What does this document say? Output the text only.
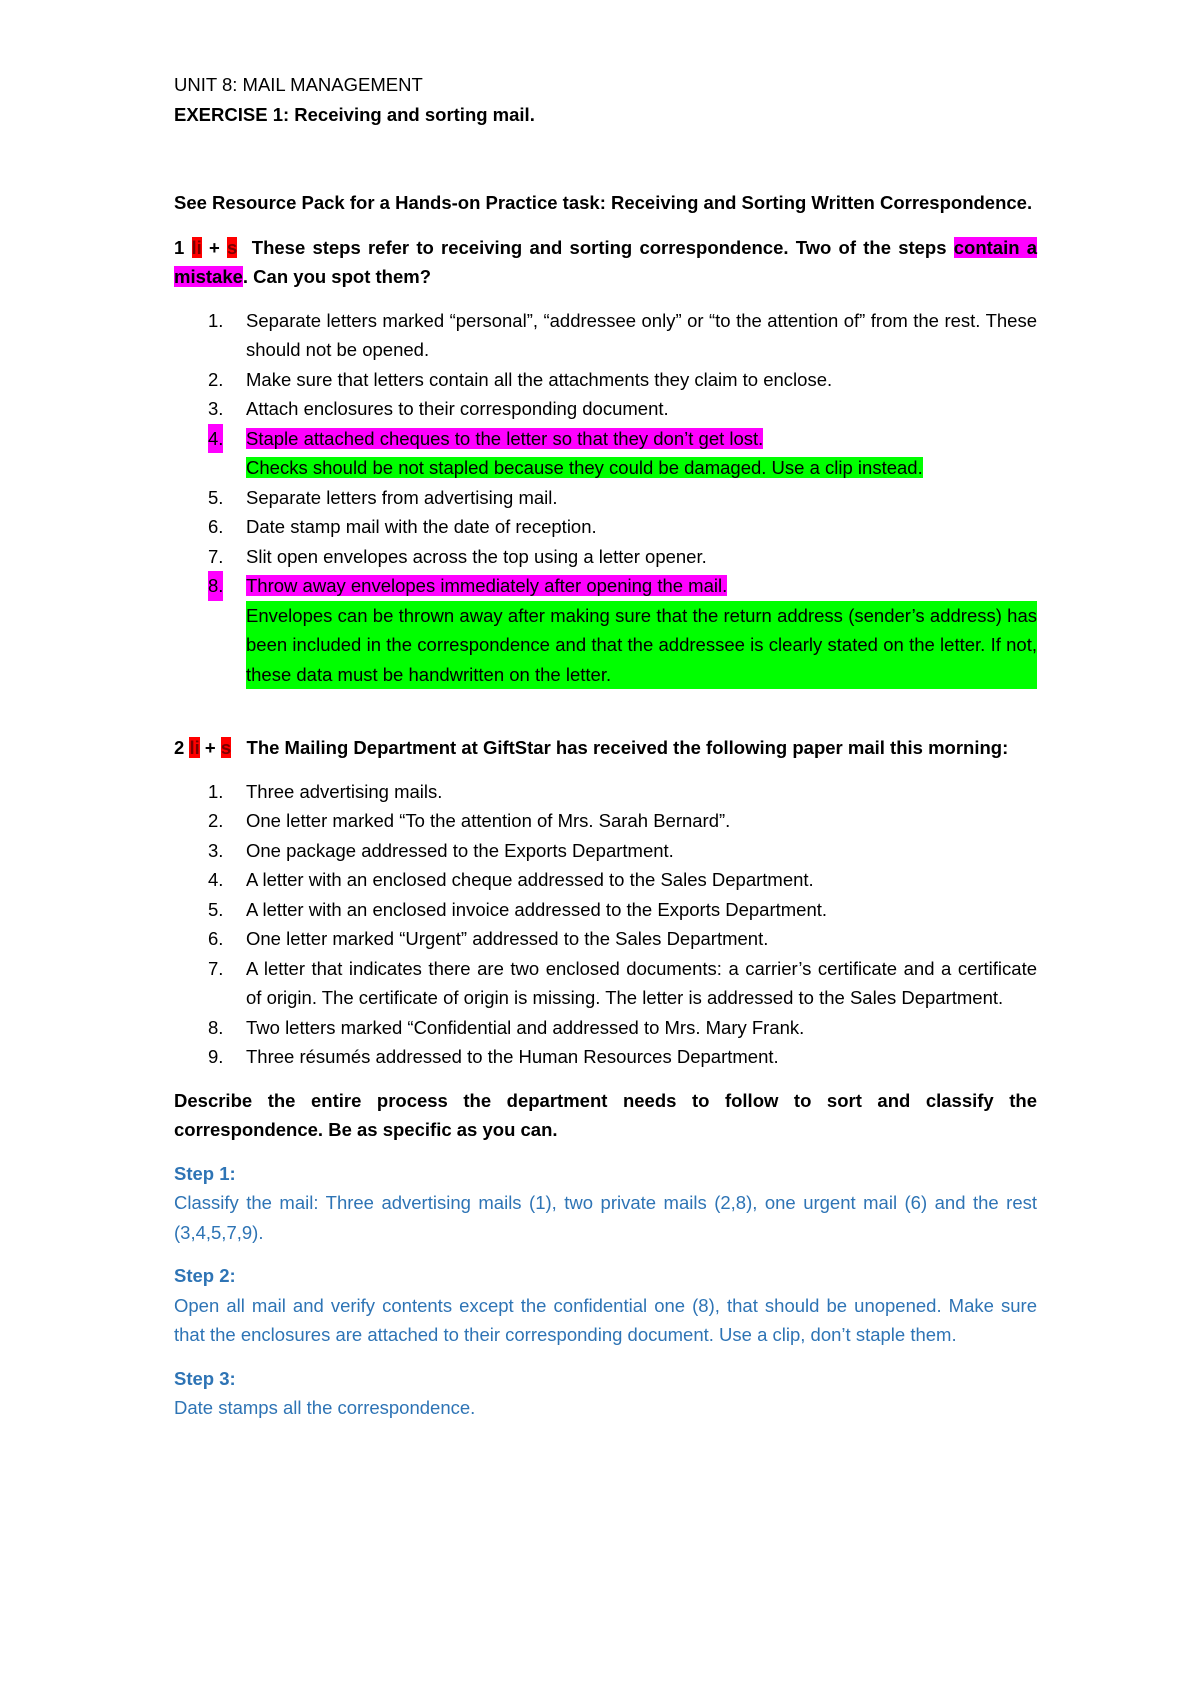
UNIT 8: MAIL MANAGEMENT

EXERCISE 1: Receiving and sorting mail.

See Resource Pack for a Hands-on Practice task: Receiving and Sorting Written Correspondence.

1 li + s These steps refer to receiving and sorting correspondence. Two of the steps contain a mistake. Can you spot them?

1. Separate letters marked “personal”, “addressee only” or “to the attention of” from the rest. These should not be opened.
2. Make sure that letters contain all the attachments they claim to enclose.
3. Attach enclosures to their corresponding document.
4. Staple attached cheques to the letter so that they don’t get lost.
Checks should be not stapled because they could be damaged. Use a clip instead.
5. Separate letters from advertising mail.
6. Date stamp mail with the date of reception.
7. Slit open envelopes across the top using a letter opener.
8. Throw away envelopes immediately after opening the mail.
Envelopes can be thrown away after making sure that the return address (sender’s address) has been included in the correspondence and that the addressee is clearly stated on the letter. If not, these data must be handwritten on the letter.

2 li + s The Mailing Department at GiftStar has received the following paper mail this morning:

1. Three advertising mails.
2. One letter marked “To the attention of Mrs. Sarah Bernard”.
3. One package addressed to the Exports Department.
4. A letter with an enclosed cheque addressed to the Sales Department.
5. A letter with an enclosed invoice addressed to the Exports Department.
6. One letter marked “Urgent” addressed to the Sales Department.
7. A letter that indicates there are two enclosed documents: a carrier’s certificate and a certificate of origin. The certificate of origin is missing. The letter is addressed to the Sales Department.
8. Two letters marked “Confidential and addressed to Mrs. Mary Frank.
9. Three résumés addressed to the Human Resources Department.

Describe the entire process the department needs to follow to sort and classify the correspondence. Be as specific as you can.

Step 1:

Classify the mail: Three advertising mails (1), two private mails (2,8), one urgent mail (6) and the rest (3,4,5,7,9).

Step 2:

Open all mail and verify contents except the confidential one (8), that should be unopened. Make sure that the enclosures are attached to their corresponding document. Use a clip, don’t staple them.

Step 3:

Date stamps all the correspondence.
